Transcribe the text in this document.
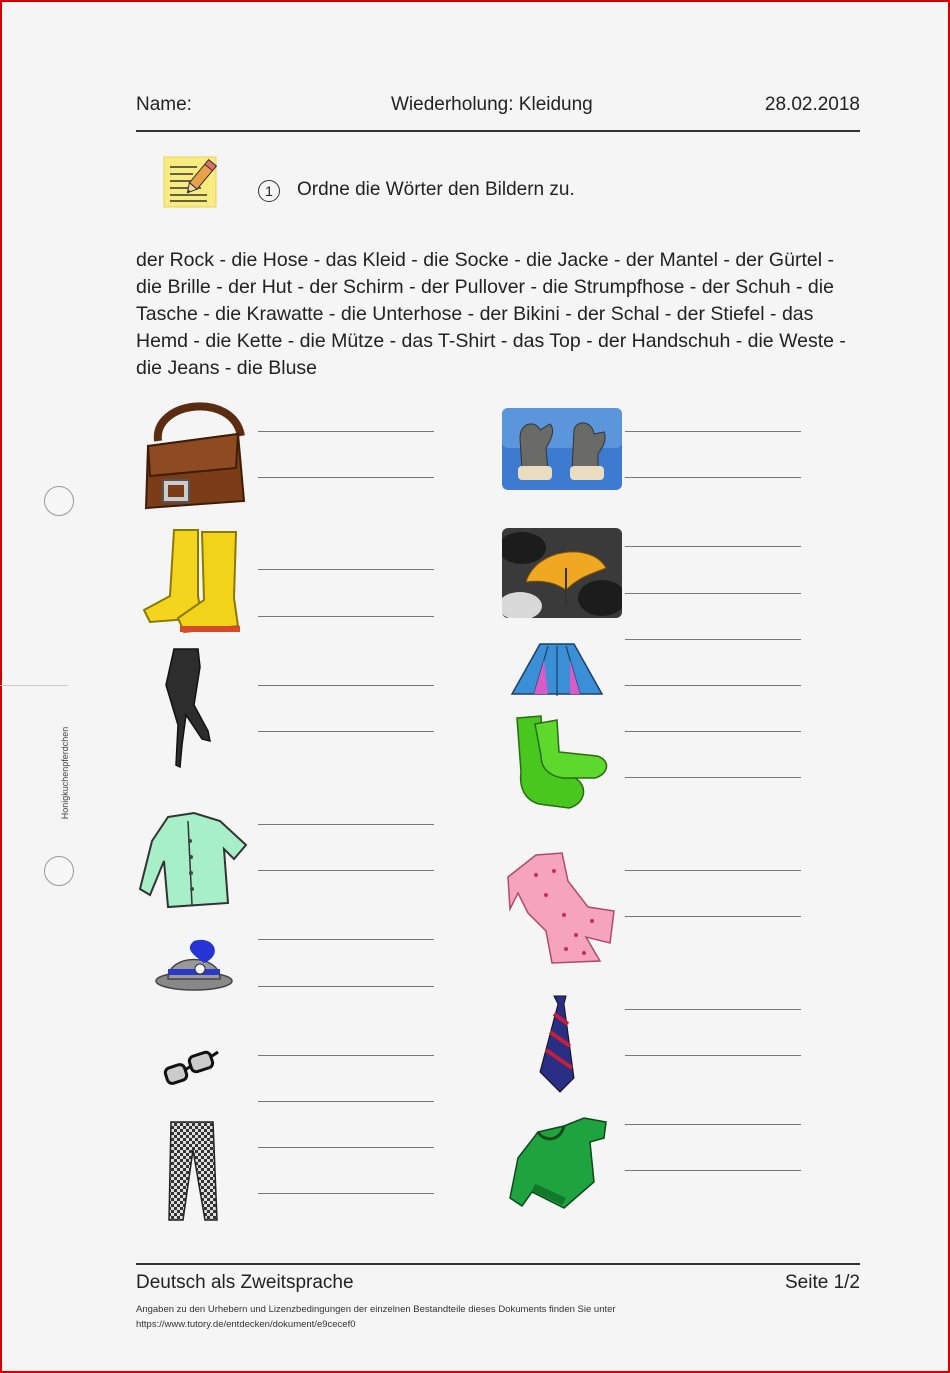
Name:	Wiederholung: Kleidung	28.02.2018
1	Ordne die Wörter den Bildern zu.
der Rock - die Hose - das Kleid - die Socke - die Jacke - der Mantel - der Gürtel - die Brille - der Hut - der Schirm - der Pullover - die Strumpfhose - der Schuh - die Tasche - die Krawatte - die Unterhose - der Bikini - der Schal - der Stiefel - das Hemd - die Kette - die Mütze - das T-Shirt - das Top - der Handschuh - die Weste - die Jeans - die Bluse
Honigkuchenpferdchen
Deutsch als Zweitsprache	Seite 1/2
Angaben zu den Urhebern und Lizenzbedingungen der einzelnen Bestandteile dieses Dokuments finden Sie unter
https://www.tutory.de/entdecken/dokument/e9cecef0
